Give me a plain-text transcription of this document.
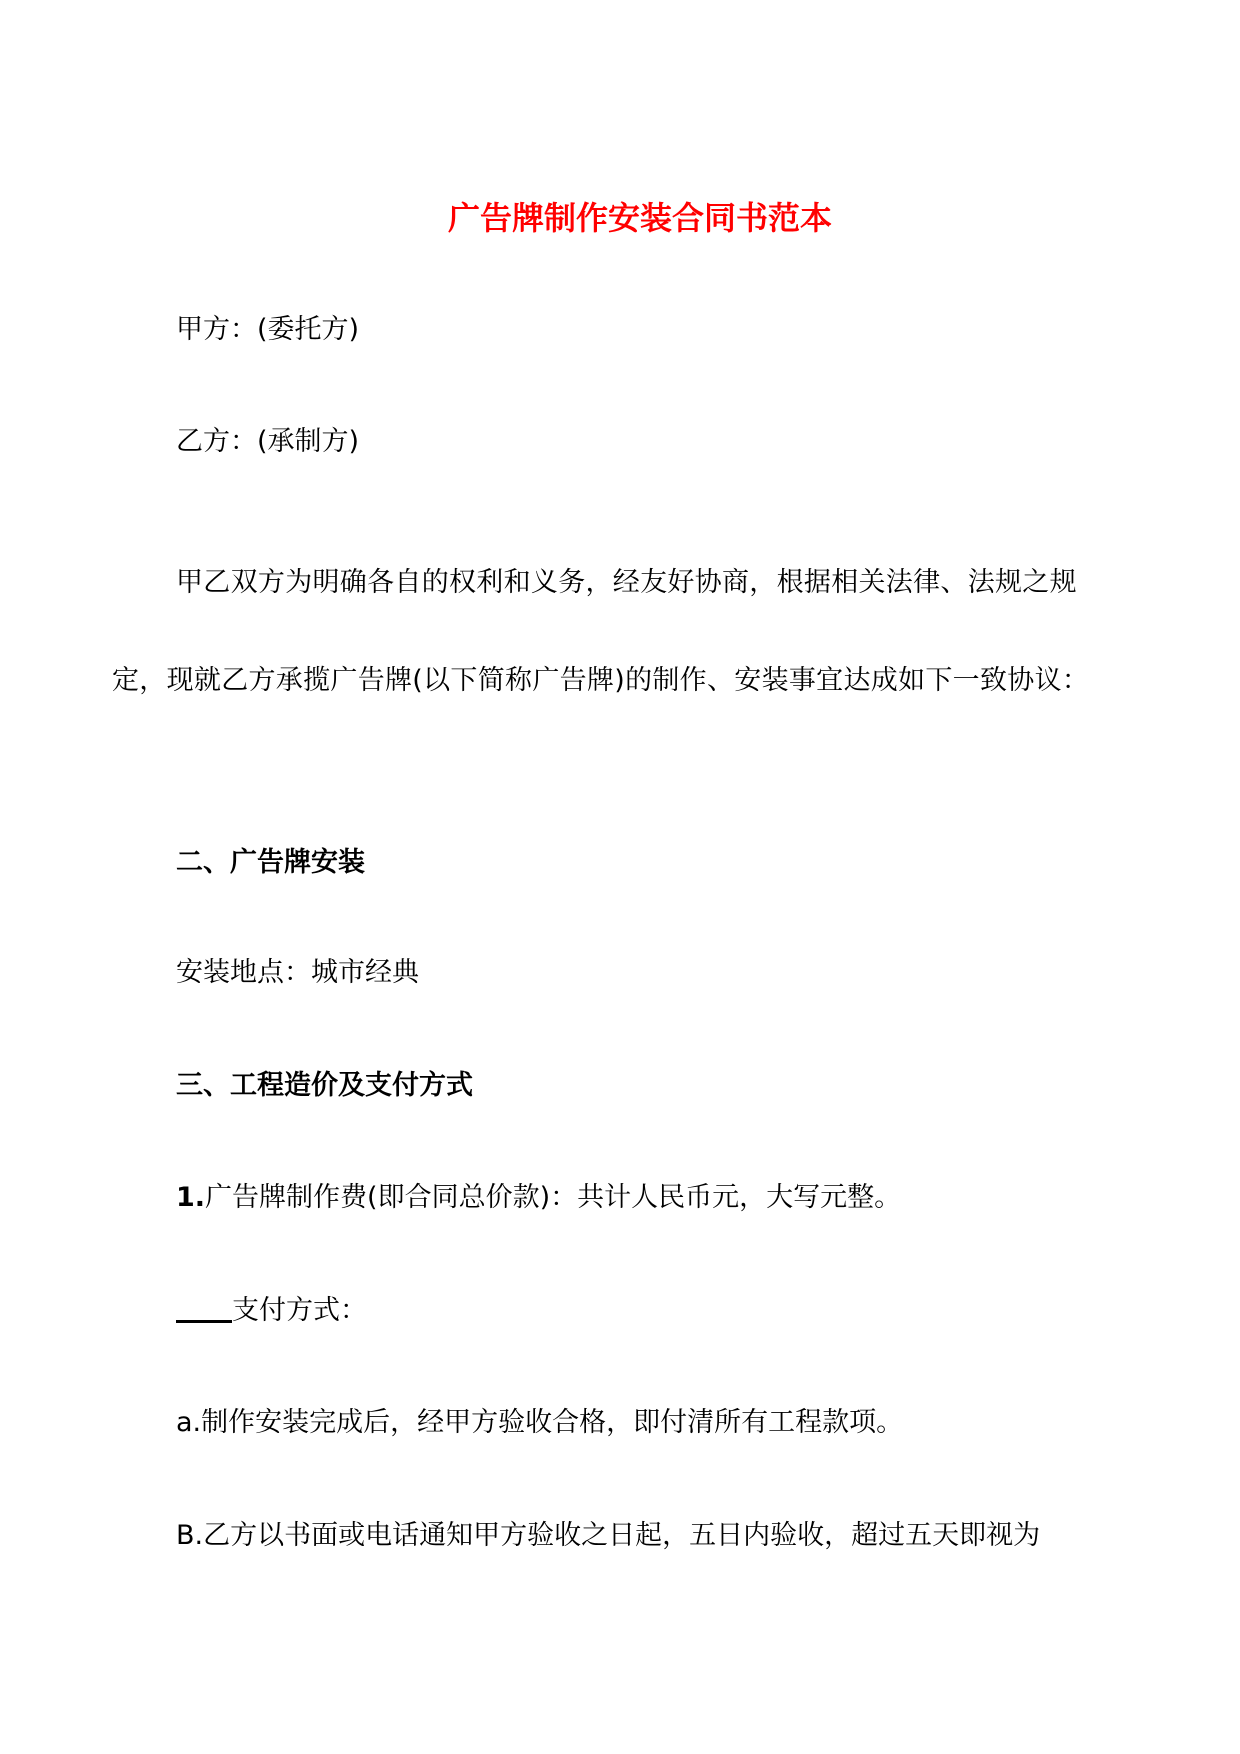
广告牌制作安装合同书范本
甲方：(委托方)
乙方：(承制方)
甲乙双方为明确各自的权利和义务，经友好协商，根据相关法律、法规之规定，现就乙方承揽广告牌(以下简称广告牌)的制作、安装事宜达成如下一致协议：
二、广告牌安装
安装地点：城市经典
三、工程造价及支付方式
1.广告牌制作费(即合同总价款)：共计人民币元，大写元整。
支付方式：
a.制作安装完成后，经甲方验收合格，即付清所有工程款项。
B.乙方以书面或电话通知甲方验收之日起，五日内验收，超过五天即视为
